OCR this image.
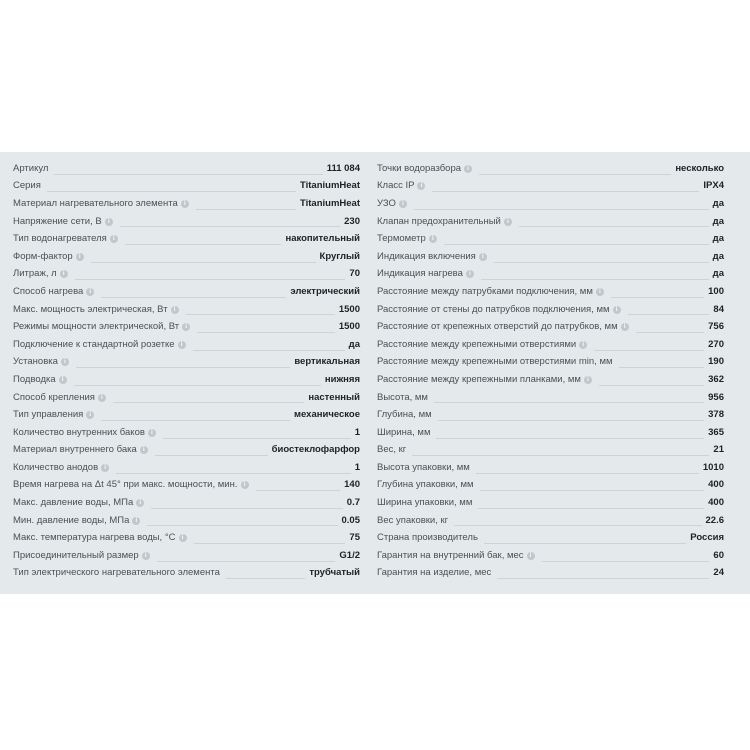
Артикул	111 084
Серия	TitaniumHeat
Материал нагревательного элемента i	TitaniumHeat
Напряжение сети, В i	230
Тип водонагревателя i	накопительный
Форм-фактор i	Круглый
Литраж, л i	70
Способ нагрева i	электрический
Макс. мощность электрическая, Вт i	1500
Режимы мощности электрической, Вт i	1500
Подключение к стандартной розетке i	да
Установка i	вертикальная
Подводка i	нижняя
Способ крепления i	настенный
Тип управления i	механическое
Количество внутренних баков i	1
Материал внутреннего бака i	биостеклофарфор
Количество анодов i	1
Время нагрева на Δt 45° при макс. мощности, мин. i	140
Макс. давление воды, МПа i	0.7
Мин. давление воды, МПа i	0.05
Макс. температура нагрева воды, °С i	75
Присоединительный размер i	G1/2
Тип электрического нагревательного элемента	трубчатый
Точки водоразбора i	несколько
Класс IP i	IPX4
УЗО i	да
Клапан предохранительный i	да
Термометр i	да
Индикация включения i	да
Индикация нагрева i	да
Расстояние между патрубками подключения, мм i	100
Расстояние от стены до патрубков подключения, мм i	84
Расстояние от крепежных отверстий до патрубков, мм i	756
Расстояние между крепежными отверстиями i	270
Расстояние между крепежными отверстиями min, мм	190
Расстояние между крепежными планками, мм i	362
Высота, мм	956
Глубина, мм	378
Ширина, мм	365
Вес, кг	21
Высота упаковки, мм	1010
Глубина упаковки, мм	400
Ширина упаковки, мм	400
Вес упаковки, кг	22.6
Страна производитель	Россия
Гарантия на внутренний бак, мес i	60
Гарантия на изделие, мес	24
